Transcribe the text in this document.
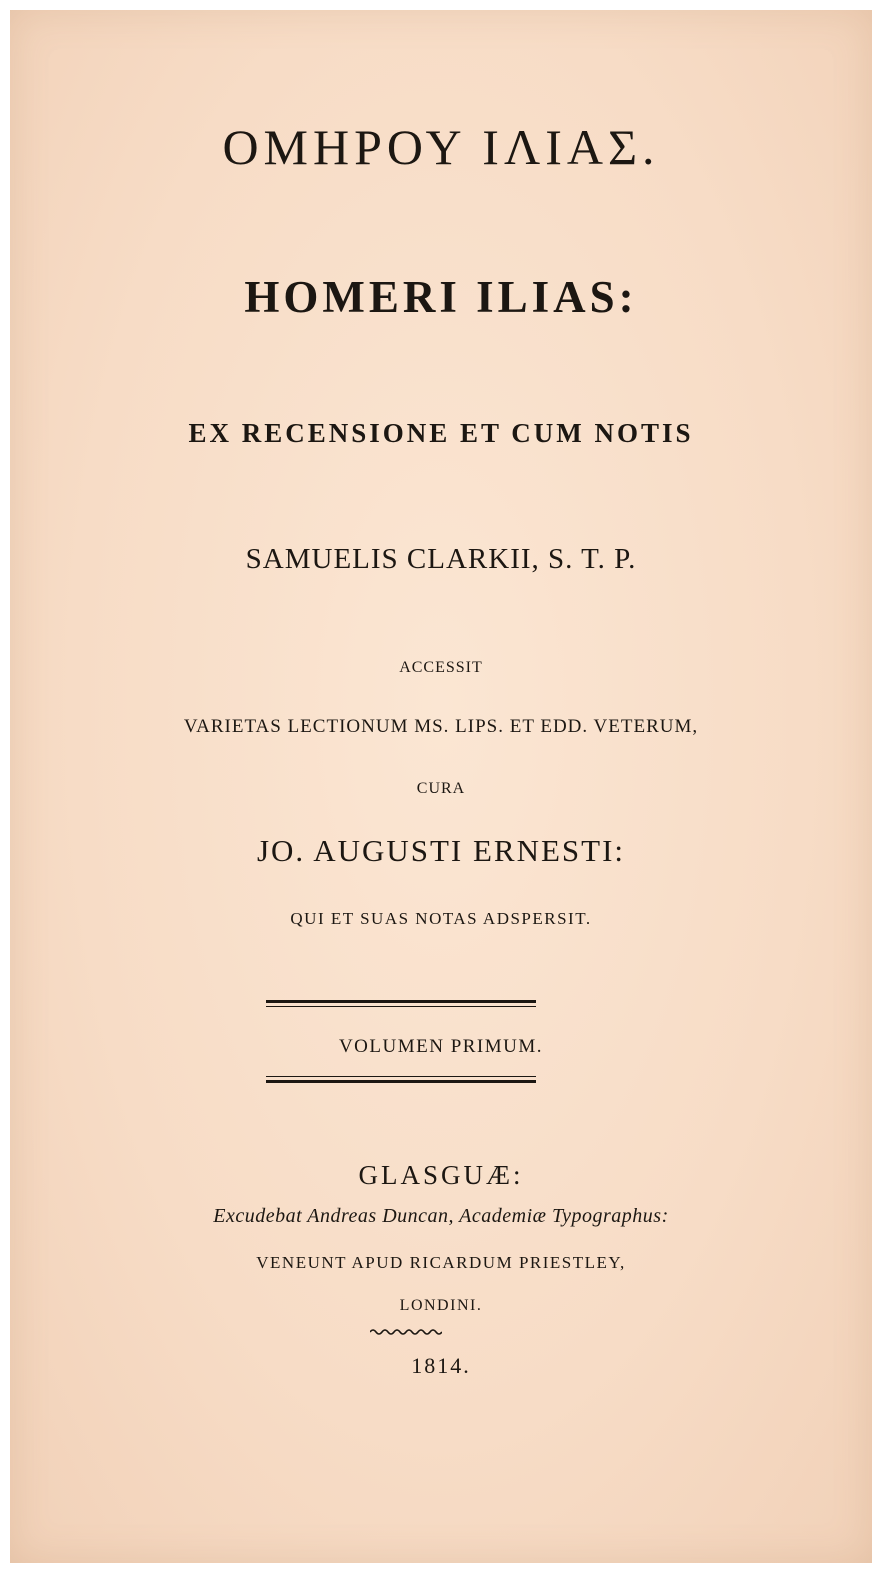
ΟΜΗΡΟΥ ΙΛΙΑΣ.
HOMERI ILIAS:
EX RECENSIONE ET CUM NOTIS
SAMUELIS CLARKII, S. T. P.
ACCESSIT
VARIETAS LECTIONUM MS. LIPS. ET EDD. VETERUM,
CURA
JO. AUGUSTI ERNESTI:
QUI ET SUAS NOTAS ADSPERSIT.
VOLUMEN PRIMUM.
GLASGUÆ:
Excudebat Andreas Duncan, Academiæ Typographus:
VENEUNT APUD RICARDUM PRIESTLEY,
LONDINI.
1814.
